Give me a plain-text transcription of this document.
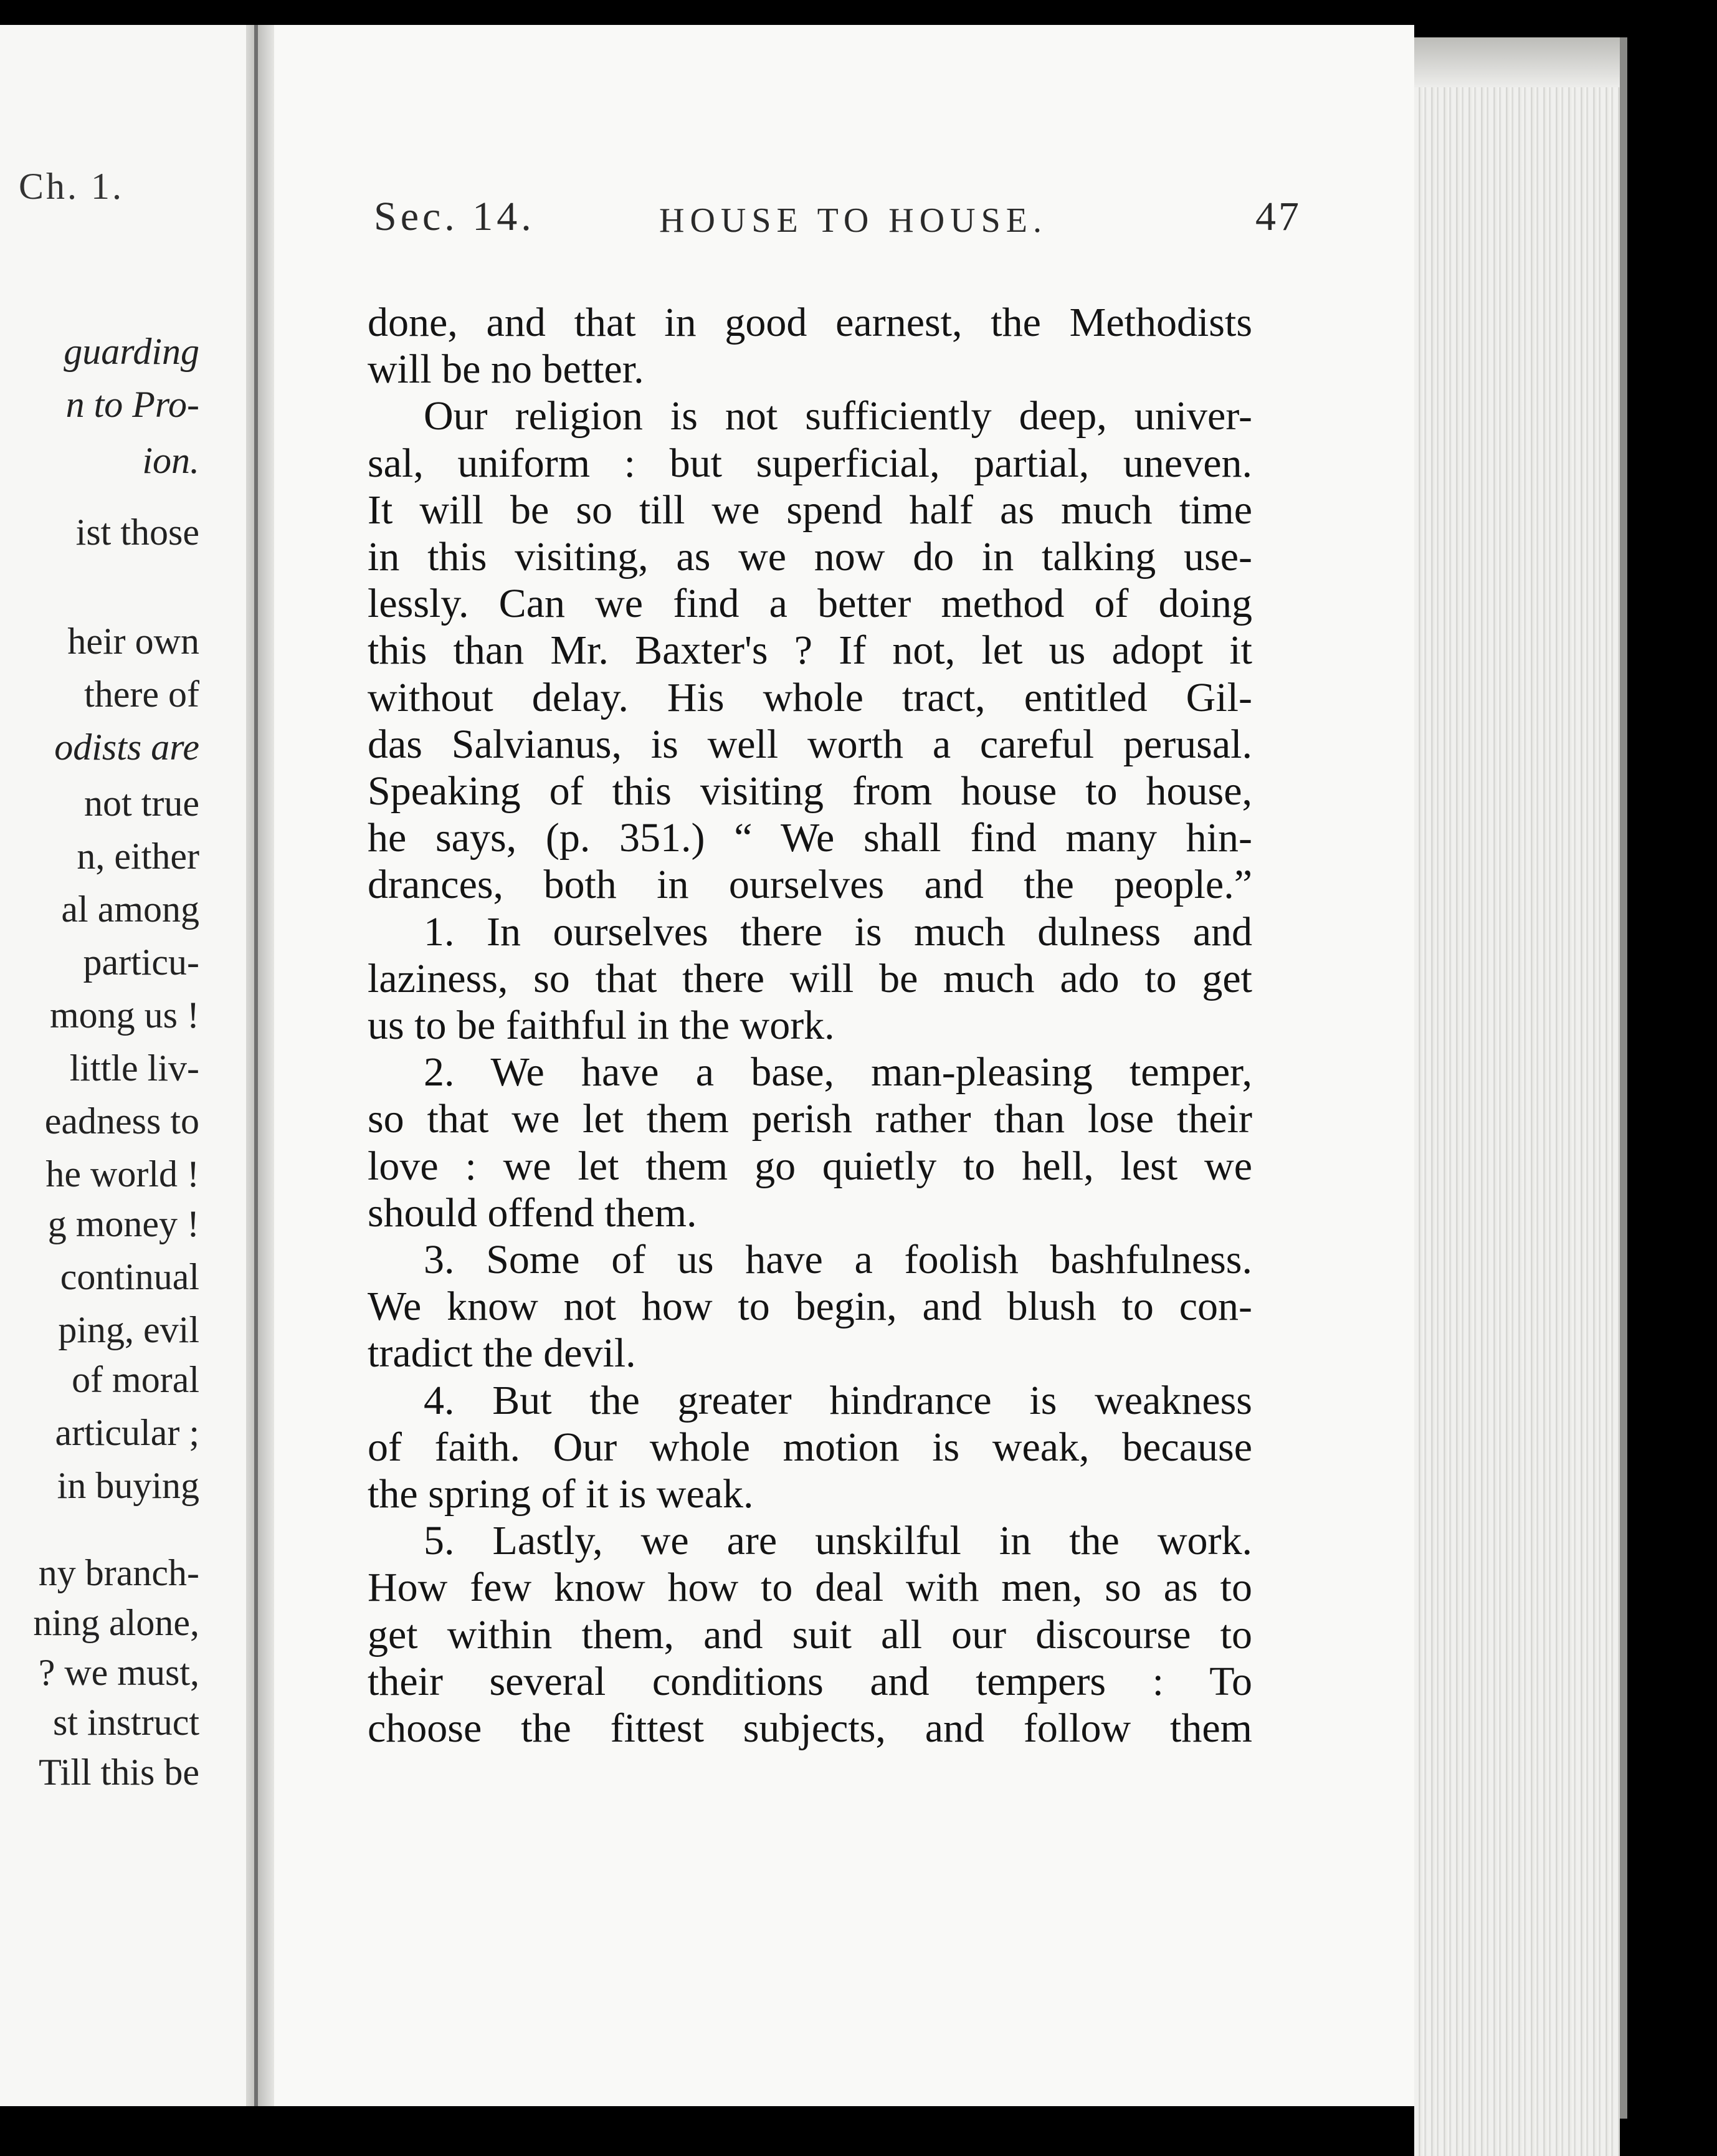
Ch. 1.
guarding
n to Pro-
ion.
ist those
heir own
there of
odists are
not true
n, either
al among
particu-
mong us !
little liv-
eadness to
he world !
g money !
continual
ping, evil
of moral
articular ;
in buying
ny branch-
ning alone,
? we must,
st instruct
Till this be
Sec. 14.	HOUSE TO HOUSE.	47
done, and that in good earnest, the Methodists
will be no better.
Our religion is not sufficiently deep, univer-
sal, uniform : but superficial, partial, uneven.
It will be so till we spend half as much time
in this visiting, as we now do in talking use-
lessly. Can we find a better method of doing
this than Mr. Baxter's ? If not, let us adopt it
without delay. His whole tract, entitled Gil-
das Salvianus, is well worth a careful perusal.
Speaking of this visiting from house to house,
he says, (p. 351.) “ We shall find many hin-
drances, both in ourselves and the people.”
1. In ourselves there is much dulness and
laziness, so that there will be much ado to get
us to be faithful in the work.
2. We have a base, man-pleasing temper,
so that we let them perish rather than lose their
love : we let them go quietly to hell, lest we
should offend them.
3. Some of us have a foolish bashfulness.
We know not how to begin, and blush to con-
tradict the devil.
4. But the greater hindrance is weakness
of faith. Our whole motion is weak, because
the spring of it is weak.
5. Lastly, we are unskilful in the work.
How few know how to deal with men, so as to
get within them, and suit all our discourse to
their several conditions and tempers : To
choose the fittest subjects, and follow them
